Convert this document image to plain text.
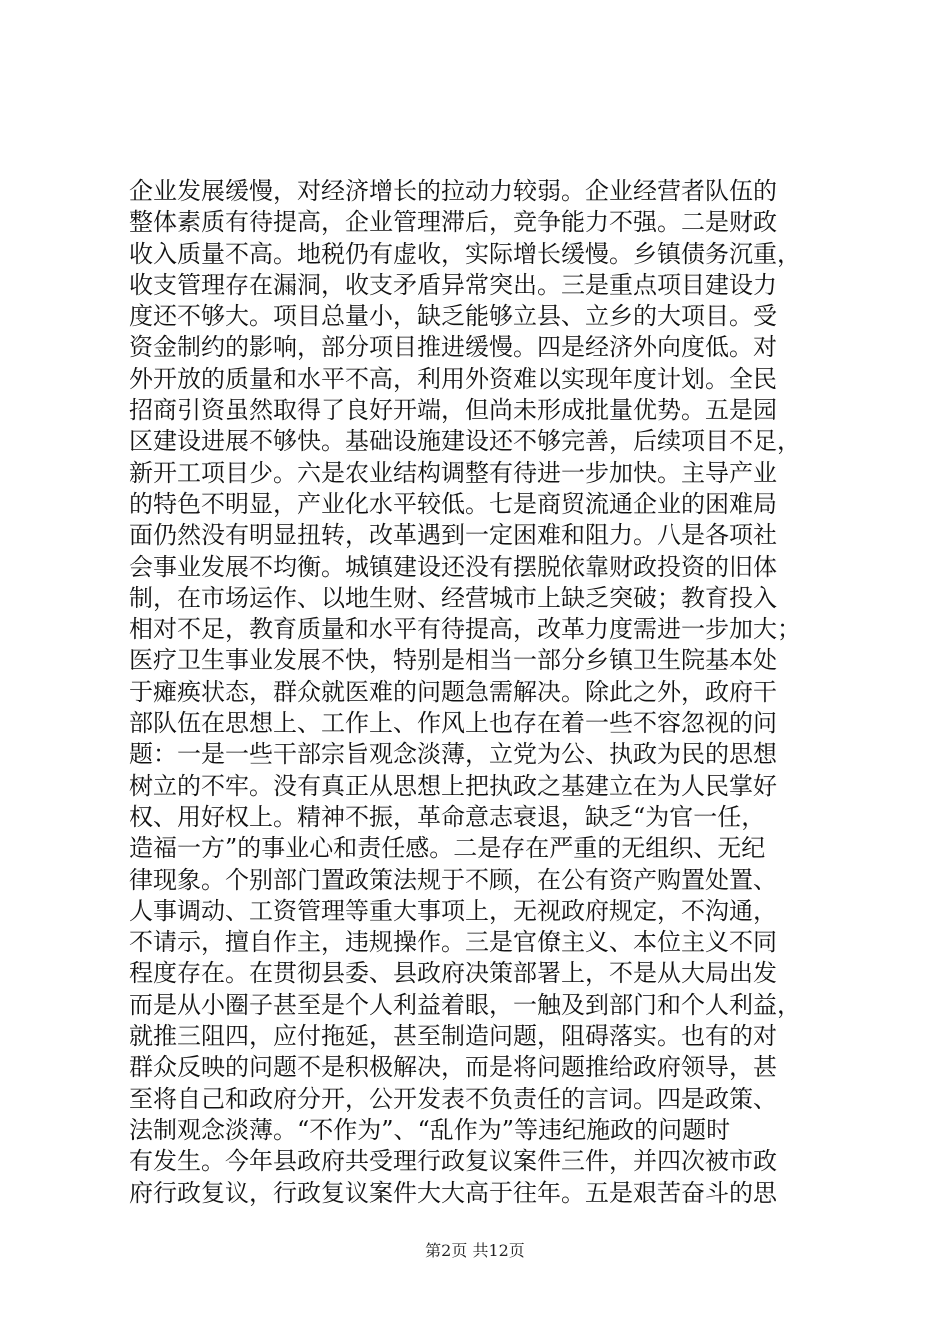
企业发展缓慢，对经济增长的拉动力较弱。企业经营者队伍的
整体素质有待提高，企业管理滞后，竞争能力不强。二是财政
收入质量不高。地税仍有虚收，实际增长缓慢。乡镇债务沉重，
收支管理存在漏洞，收支矛盾异常突出。三是重点项目建设力
度还不够大。项目总量小，缺乏能够立县、立乡的大项目。受
资金制约的影响，部分项目推进缓慢。四是经济外向度低。对
外开放的质量和水平不高，利用外资难以实现年度计划。全民
招商引资虽然取得了良好开端，但尚未形成批量优势。五是园
区建设进展不够快。基础设施建设还不够完善，后续项目不足，
新开工项目少。六是农业结构调整有待进一步加快。主导产业
的特色不明显，产业化水平较低。七是商贸流通企业的困难局
面仍然没有明显扭转，改革遇到一定困难和阻力。八是各项社
会事业发展不均衡。城镇建设还没有摆脱依靠财政投资的旧体
制，在市场运作、以地生财、经营城市上缺乏突破；教育投入
相对不足，教育质量和水平有待提高，改革力度需进一步加大；
医疗卫生事业发展不快，特别是相当一部分乡镇卫生院基本处
于瘫痪状态，群众就医难的问题急需解决。除此之外，政府干
部队伍在思想上、工作上、作风上也存在着一些不容忽视的问
题：一是一些干部宗旨观念淡薄，立党为公、执政为民的思想
树立的不牢。没有真正从思想上把执政之基建立在为人民掌好
权、用好权上。精神不振，革命意志衰退，缺乏“为官一任，
造福一方”的事业心和责任感。二是存在严重的无组织、无纪
律现象。个别部门置政策法规于不顾，在公有资产购置处置、
人事调动、工资管理等重大事项上，无视政府规定，不沟通，
不请示，擅自作主，违规操作。三是官僚主义、本位主义不同
程度存在。在贯彻县委、县政府决策部署上，不是从大局出发
而是从小圈子甚至是个人利益着眼，一触及到部门和个人利益，
就推三阻四，应付拖延，甚至制造问题，阻碍落实。也有的对
群众反映的问题不是积极解决，而是将问题推给政府领导，甚
至将自己和政府分开，公开发表不负责任的言词。四是政策、
法制观念淡薄。“不作为”、“乱作为”等违纪施政的问题时
有发生。今年县政府共受理行政复议案件三件，并四次被市政
府行政复议，行政复议案件大大高于往年。五是艰苦奋斗的思
第2页 共12页
